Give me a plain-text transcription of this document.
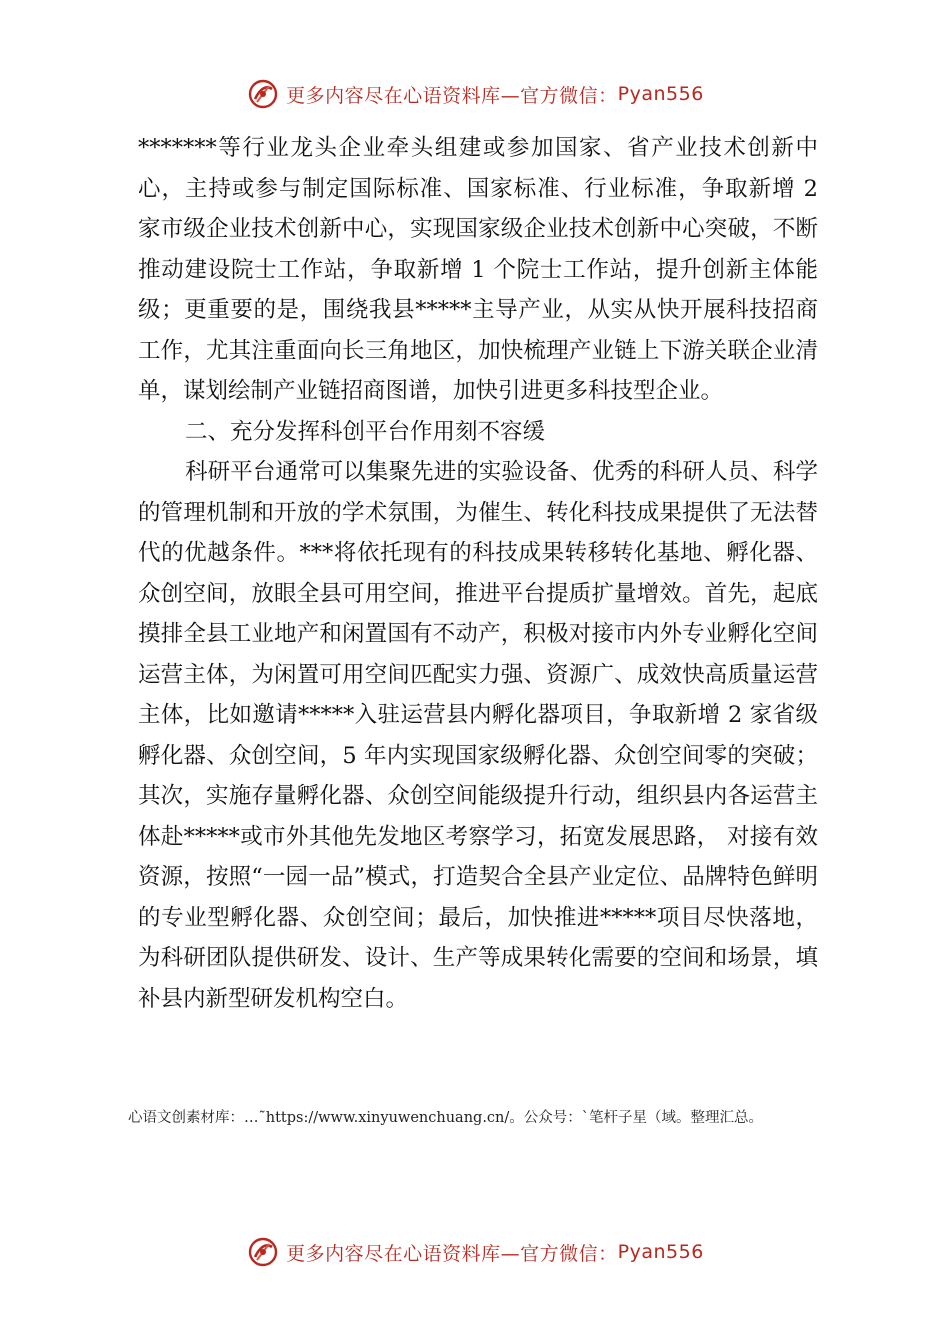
更多内容尽在心语资料库—官方微信： Pyan556

*******等行业龙头企业牵头组建或参加国家、省产业技术创新中心，主持或参与制定国际标准、国家标准、行业标准，争取新增 2 家市级企业技术创新中心，实现国家级企业技术创新中心突破，不断推动建设院士工作站，争取新增 1 个院士工作站，提升创新主体能级；更重要的是，围绕我县*****主导产业，从实从快开展科技招商工作，尤其注重面向长三角地区，加快梳理产业链上下游关联企业清单，谋划绘制产业链招商图谱，加快引进更多科技型企业。

二、充分发挥科创平台作用刻不容缓

科研平台通常可以集聚先进的实验设备、优秀的科研人员、科学的管理机制和开放的学术氛围，为催生、转化科技成果提供了无法替代的优越条件。***将依托现有的科技成果转移转化基地、孵化器、众创空间，放眼全县可用空间，推进平台提质扩量增效。首先，起底摸排全县工业地产和闲置国有不动产，积极对接市内外专业孵化空间运营主体，为闲置可用空间匹配实力强、资源广、成效快高质量运营主体，比如邀请*****入驻运营县内孵化器项目，争取新增 2 家省级孵化器、众创空间，5 年内实现国家级孵化器、众创空间零的突破；其次，实施存量孵化器、众创空间能级提升行动，组织县内各运营主体赴*****或市外其他先发地区考察学习，拓宽发展思路， 对接有效资源，按照“一园一品”模式，打造契合全县产业定位、品牌特色鲜明的专业型孵化器、众创空间；最后，加快推进*****项目尽快落地，为科研团队提供研发、设计、生产等成果转化需要的空间和场景，填补县内新型研发机构空白。

心语文创素材库：…˜https://www.xinyuwenchuang.cn/。公众号：`笔杆子星（域。整理汇总。
更多内容尽在心语资料库—官方微信： Pyan556
